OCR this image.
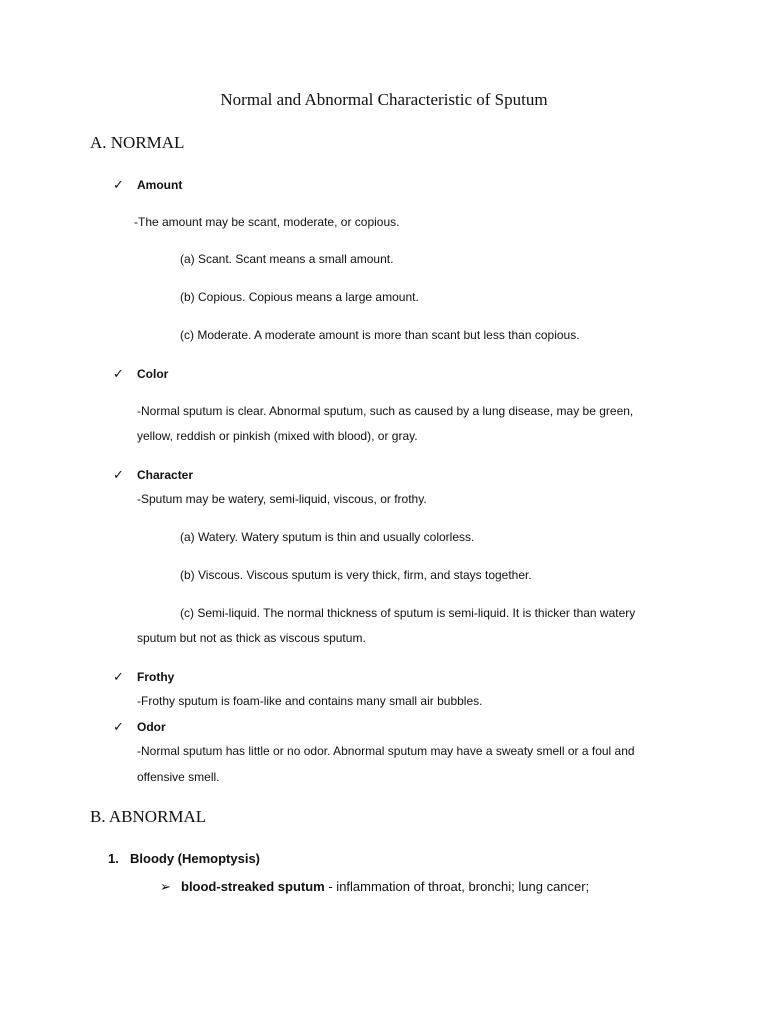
Normal and Abnormal Characteristic of Sputum
A. NORMAL
✓ Amount
-The amount may be scant, moderate, or copious.
(a) Scant. Scant means a small amount.
(b) Copious. Copious means a large amount.
(c) Moderate. A moderate amount is more than scant but less than copious.
✓ Color
-Normal sputum is clear. Abnormal sputum, such as caused by a lung disease, may be green,
yellow, reddish or pinkish (mixed with blood), or gray.
✓ Character
-Sputum may be watery, semi-liquid, viscous, or frothy.
(a) Watery. Watery sputum is thin and usually colorless.
(b) Viscous. Viscous sputum is very thick, firm, and stays together.
(c) Semi-liquid. The normal thickness of sputum is semi-liquid. It is thicker than watery
sputum but not as thick as viscous sputum.
✓ Frothy
-Frothy sputum is foam-like and contains many small air bubbles.
✓ Odor
-Normal sputum has little or no odor. Abnormal sputum may have a sweaty smell or a foul and
offensive smell.
B. ABNORMAL
1. Bloody (Hemoptysis)
➢ blood-streaked sputum - inflammation of throat, bronchi; lung cancer;
